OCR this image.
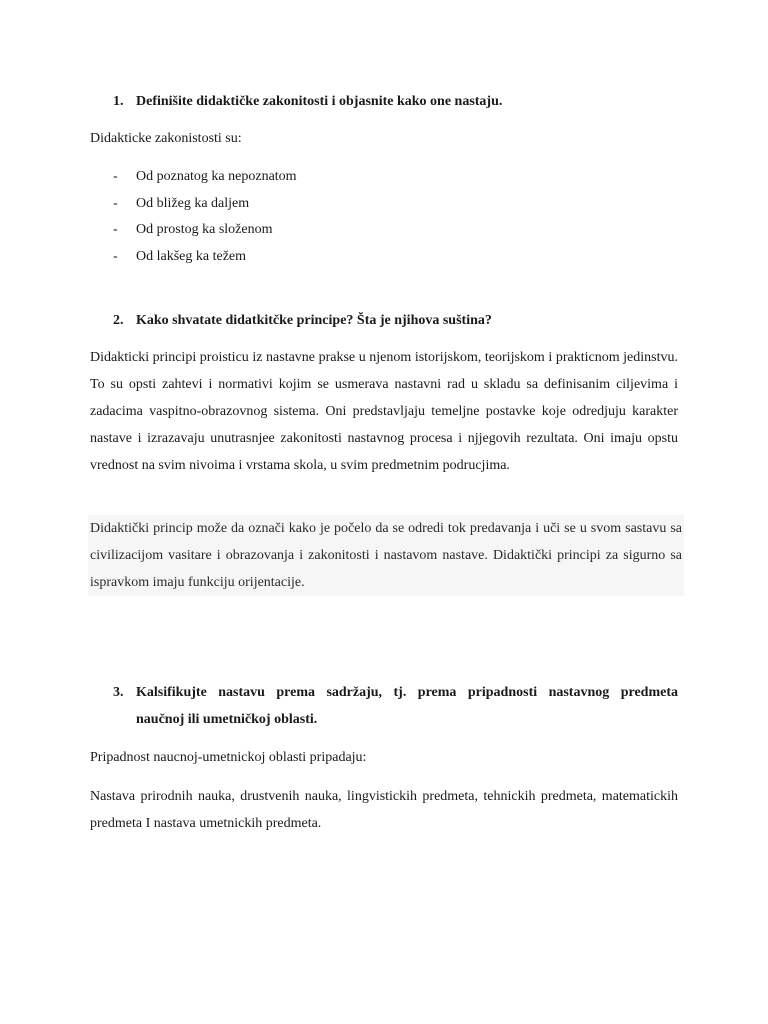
1. Definišite didaktičke zakonitosti i objasnite kako one nastaju.

Didakticke zakonistosti su:

- Od poznatog ka nepoznatom
- Od bližeg ka daljem
- Od prostog ka složenom
- Od lakšeg ka težem
2. Kako shvatate didatkitčke principe? Šta je njihova suština?

Didakticki principi proisticu iz nastavne prakse u njenom istorijskom, teorijskom i prakticnom jedinstvu. To su opsti zahtevi i normativi kojim se usmerava nastavni rad u skladu sa definisanim ciljevima i zadacima vaspitno-obrazovnog sistema. Oni predstavljaju temeljne postavke koje odredjuju karakter nastave i izrazavaju unutrasnjee zakonitosti nastavnog procesa i njjegovih rezultata. Oni imaju opstu vrednost na svim nivoima i vrstama skola, u svim predmetnim podrucjima.

Didaktički princip može da označi kako je počelo da se odredi tok predavanja i uči se u svom sastavu sa civilizacijom vasitare i obrazovanja i zakonitosti i nastavom nastave. Didaktički principi za sigurno sa ispravkom imaju funkciju orijentacije.

3. Kalsifikujte nastavu prema sadržaju, tj. prema pripadnosti nastavnog predmeta
naučnoj ili umetničkoj oblasti.

Pripadnost naucnoj-umetnickoj oblasti pripadaju:

Nastava prirodnih nauka, drustvenih nauka, lingvistickih predmeta, tehnickih predmeta, matematickih predmeta I nastava umetnickih predmeta.
